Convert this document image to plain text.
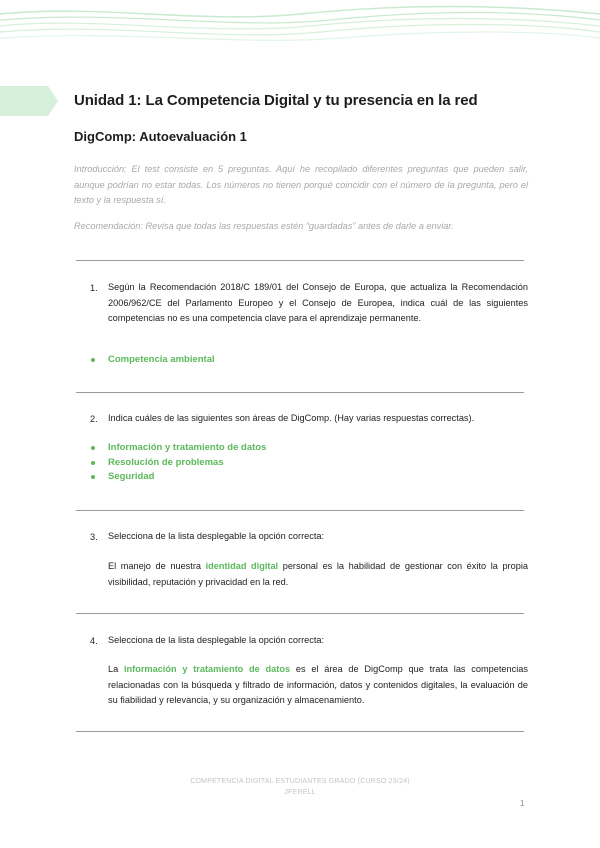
Unidad 1: La Competencia Digital y tu presencia en la red
DigComp: Autoevaluación 1

Introducción: El test consiste en 5 preguntas. Aquí he recopilado diferentes preguntas que pueden salir, aunque podrían no estar todas. Los números no tienen porqué coincidir con el número de la pregunta, pero el texto y la respuesta sí.

Recomendación: Revisa que todas las respuestas estén “guardadas” antes de darle a enviar.

1. Según la Recomendación 2018/C 189/01 del Consejo de Europa, que actualiza la Recomendación 2006/962/CE del Parlamento Europeo y el Consejo de Europea, indica cuál de las siguientes competencias no es una competencia clave para el aprendizaje permanente.

Competencia ambiental
2. Indica cuáles de las siguientes son áreas de DigComp. (Hay varias respuestas correctas).

Información y tratamiento de datos
Resolución de problemas
Seguridad
3. Selecciona de la lista desplegable la opción correcta:

El manejo de nuestra identidad digital personal es la habilidad de gestionar con éxito la propia visibilidad, reputación y privacidad en la red.

4. Selecciona de la lista desplegable la opción correcta:

La información y tratamiento de datos es el área de DigComp que trata las competencias relacionadas con la búsqueda y filtrado de información, datos y contenidos digitales, la evaluación de su fiabilidad y relevancia, y su organización y almacenamiento.

COMPETENCIA DIGITAL ESTUDIANTES GRADO (CURSO 23/24)
JFERELL
1
